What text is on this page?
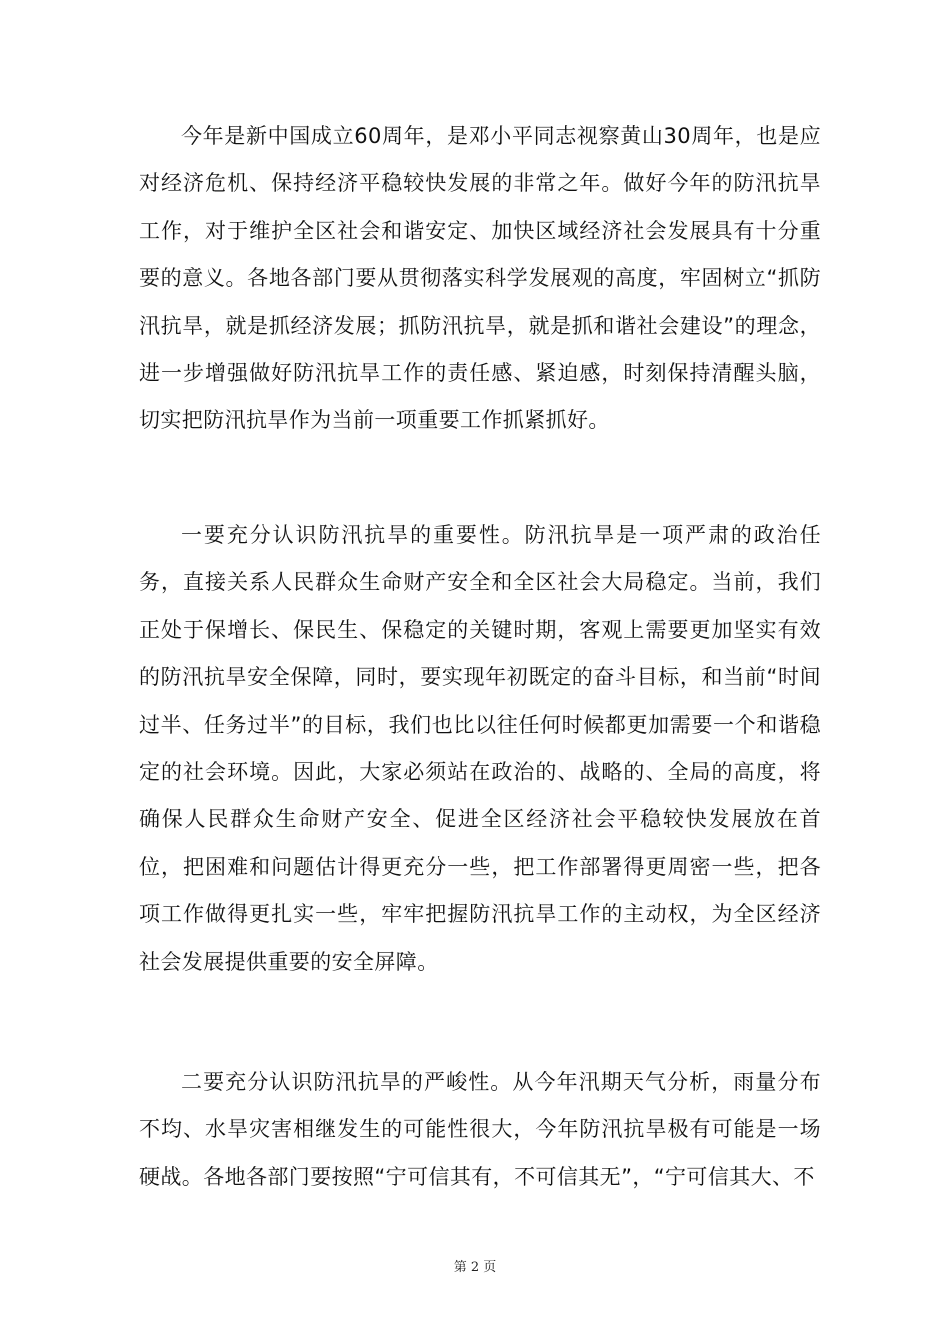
今年是新中国成立60周年，是邓小平同志视察黄山30周年，也是应对经济危机、保持经济平稳较快发展的非常之年。做好今年的防汛抗旱工作，对于维护全区社会和谐安定、加快区域经济社会发展具有十分重要的意义。各地各部门要从贯彻落实科学发展观的高度，牢固树立“抓防汛抗旱，就是抓经济发展；抓防汛抗旱，就是抓和谐社会建设”的理念，进一步增强做好防汛抗旱工作的责任感、紧迫感，时刻保持清醒头脑，切实把防汛抗旱作为当前一项重要工作抓紧抓好。

一要充分认识防汛抗旱的重要性。防汛抗旱是一项严肃的政治任务，直接关系人民群众生命财产安全和全区社会大局稳定。当前，我们正处于保增长、保民生、保稳定的关键时期，客观上需要更加坚实有效的防汛抗旱安全保障，同时，要实现年初既定的奋斗目标，和当前“时间过半、任务过半”的目标，我们也比以往任何时候都更加需要一个和谐稳定的社会环境。因此，大家必须站在政治的、战略的、全局的高度，将确保人民群众生命财产安全、促进全区经济社会平稳较快发展放在首位，把困难和问题估计得更充分一些，把工作部署得更周密一些，把各项工作做得更扎实一些，牢牢把握防汛抗旱工作的主动权，为全区经济社会发展提供重要的安全屏障。

二要充分认识防汛抗旱的严峻性。从今年汛期天气分析，雨量分布不均、水旱灾害相继发生的可能性很大，今年防汛抗旱极有可能是一场硬战。各地各部门要按照“宁可信其有，不可信其无”，“宁可信其大、不

第 2 页
